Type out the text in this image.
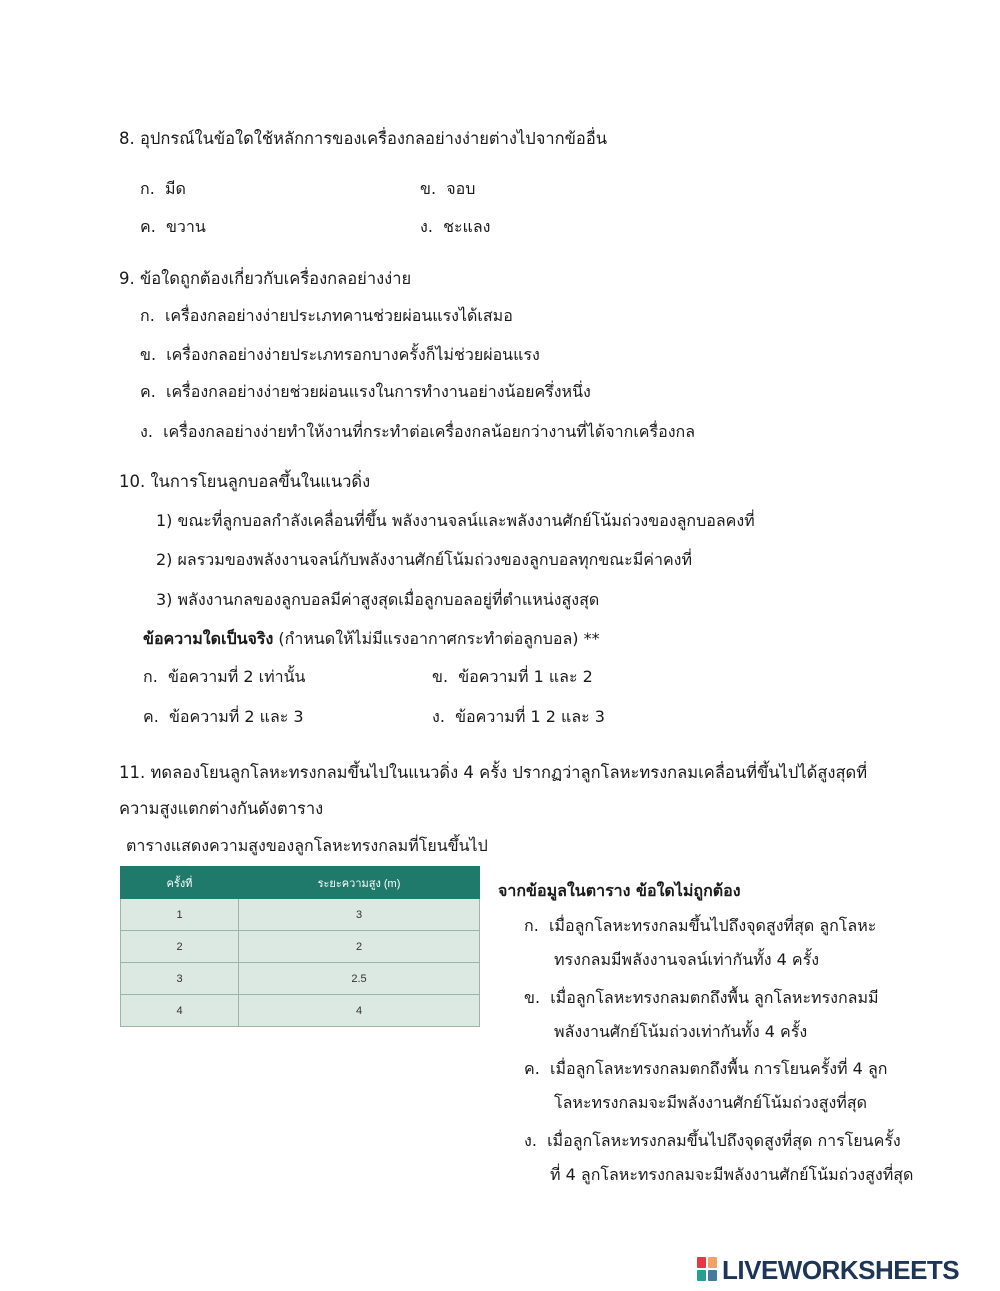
8. อุปกรณ์ในข้อใดใช้หลักการของเครื่องกลอย่างง่ายต่างไปจากข้ออื่น
ก. มีด	ข. จอบ
ค. ขวาน	ง. ชะแลง
9. ข้อใดถูกต้องเกี่ยวกับเครื่องกลอย่างง่าย
ก. เครื่องกลอย่างง่ายประเภทคานช่วยผ่อนแรงได้เสมอ
ข. เครื่องกลอย่างง่ายประเภทรอกบางครั้งก็ไม่ช่วยผ่อนแรง
ค. เครื่องกลอย่างง่ายช่วยผ่อนแรงในการทำงานอย่างน้อยครึ่งหนึ่ง
ง. เครื่องกลอย่างง่ายทำให้งานที่กระทำต่อเครื่องกลน้อยกว่างานที่ได้จากเครื่องกล
10. ในการโยนลูกบอลขึ้นในแนวดิ่ง
1) ขณะที่ลูกบอลกำลังเคลื่อนที่ขึ้น พลังงานจลน์และพลังงานศักย์โน้มถ่วงของลูกบอลคงที่
2) ผลรวมของพลังงานจลน์กับพลังงานศักย์โน้มถ่วงของลูกบอลทุกขณะมีค่าคงที่
3) พลังงานกลของลูกบอลมีค่าสูงสุดเมื่อลูกบอลอยู่ที่ตำแหน่งสูงสุด
ข้อความใดเป็นจริง (กำหนดให้ไม่มีแรงอากาศกระทำต่อลูกบอล) **
ก. ข้อความที่ 2 เท่านั้น	ข. ข้อความที่ 1 และ 2
ค. ข้อความที่ 2 และ 3	ง. ข้อความที่ 1 2 และ 3
11. ทดลองโยนลูกโลหะทรงกลมขึ้นไปในแนวดิ่ง 4 ครั้ง ปรากฏว่าลูกโลหะทรงกลมเคลื่อนที่ขึ้นไปได้สูงสุดที่
ความสูงแตกต่างกันดังตาราง
ตารางแสดงความสูงของลูกโลหะทรงกลมที่โยนขึ้นไป
ครั้งที่	ระยะความสูง (m)
1	3
2	2
3	2.5
4	4
จากข้อมูลในตาราง ข้อใดไม่ถูกต้อง
ก. เมื่อลูกโลหะทรงกลมขึ้นไปถึงจุดสูงที่สุด ลูกโลหะ
ทรงกลมมีพลังงานจลน์เท่ากันทั้ง 4 ครั้ง
ข. เมื่อลูกโลหะทรงกลมตกถึงพื้น ลูกโลหะทรงกลมมี
พลังงานศักย์โน้มถ่วงเท่ากันทั้ง 4 ครั้ง
ค. เมื่อลูกโลหะทรงกลมตกถึงพื้น การโยนครั้งที่ 4 ลูก
โลหะทรงกลมจะมีพลังงานศักย์โน้มถ่วงสูงที่สุด
ง. เมื่อลูกโลหะทรงกลมขึ้นไปถึงจุดสูงที่สุด การโยนครั้ง
ที่ 4 ลูกโลหะทรงกลมจะมีพลังงานศักย์โน้มถ่วงสูงที่สุด
LIVEWORKSHEETS
